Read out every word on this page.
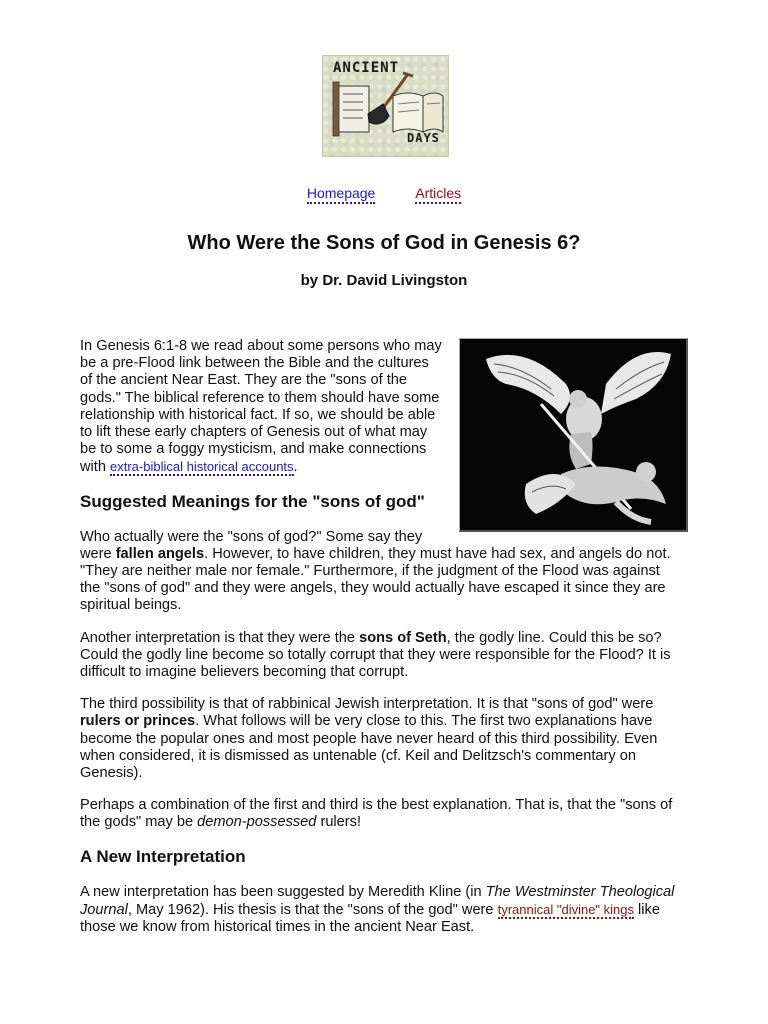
ANCIENT
DAYS
Homepage	Articles
Who Were the Sons of God in Genesis 6?
by Dr. David Livingston

In Genesis 6:1-8 we read about some persons who may be a pre-Flood link between the Bible and the cultures of the ancient Near East. They are the "sons of the gods." The biblical reference to them should have some relationship with historical fact. If so, we should be able to lift these early chapters of Genesis out of what may be to some a foggy mysticism, and make connections with extra-biblical historical accounts.

Suggested Meanings for the "sons of god"

Who actually were the "sons of god?" Some say they were fallen angels. However, to have children, they must have had sex, and angels do not. "They are neither male nor female." Furthermore, if the judgment of the Flood was against the "sons of god" and they were angels, they would actually have escaped it since they are spiritual beings.

Another interpretation is that they were the sons of Seth, the godly line. Could this be so? Could the godly line become so totally corrupt that they were responsible for the Flood? It is difficult to imagine believers becoming that corrupt.

The third possibility is that of rabbinical Jewish interpretation. It is that "sons of god" were rulers or princes. What follows will be very close to this. The first two explanations have become the popular ones and most people have never heard of this third possibility. Even when considered, it is dismissed as untenable (cf. Keil and Delitzsch's commentary on Genesis).

Perhaps a combination of the first and third is the best explanation. That is, that the "sons of the gods" may be demon-possessed rulers!

A New Interpretation

A new interpretation has been suggested by Meredith Kline (in The Westminster Theological Journal, May 1962). His thesis is that the "sons of the god" were tyrannical "divine" kings like those we know from historical times in the ancient Near East.
